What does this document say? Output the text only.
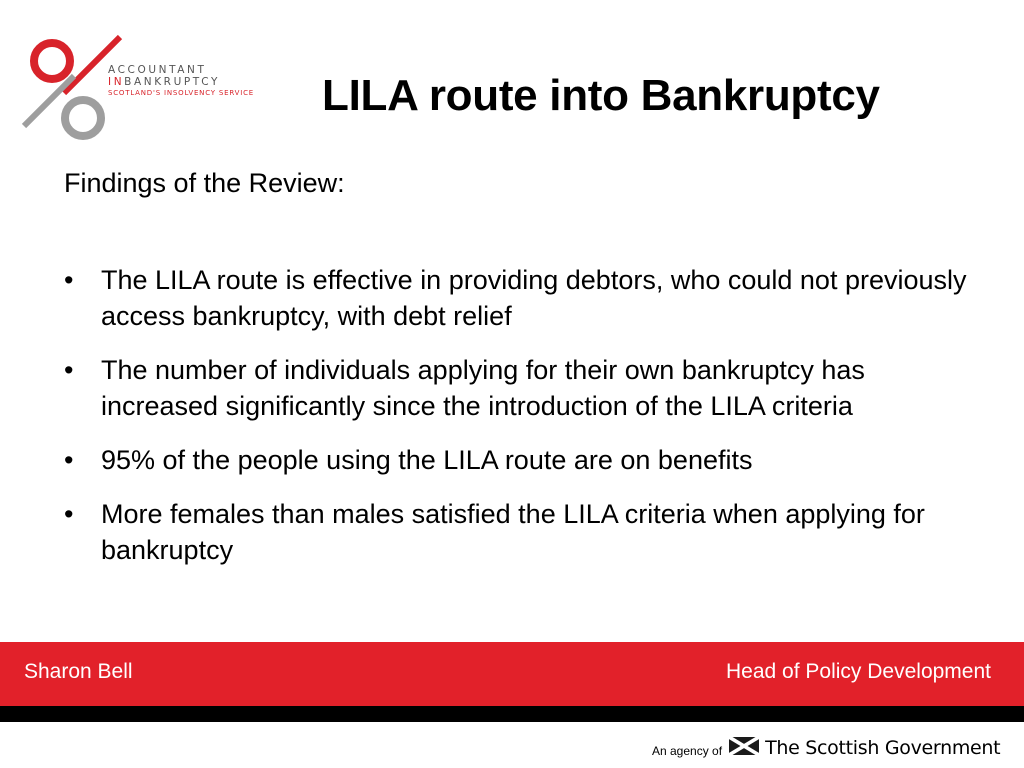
ACCOUNTANT
INBANKRUPTCY
SCOTLAND'S INSOLVENCY SERVICE LILA route into Bankruptcy

Findings of the Review:

• The LILA route is effective in providing debtors, who could not previously access bankruptcy, with debt relief
• The number of individuals applying for their own bankruptcy has increased significantly since the introduction of the LILA criteria
• 95% of the people using the LILA route are on benefits
• More females than males satisfied the LILA criteria when applying for bankruptcy
Sharon Bell	Head of Policy Development
An agency of The Scottish Government
